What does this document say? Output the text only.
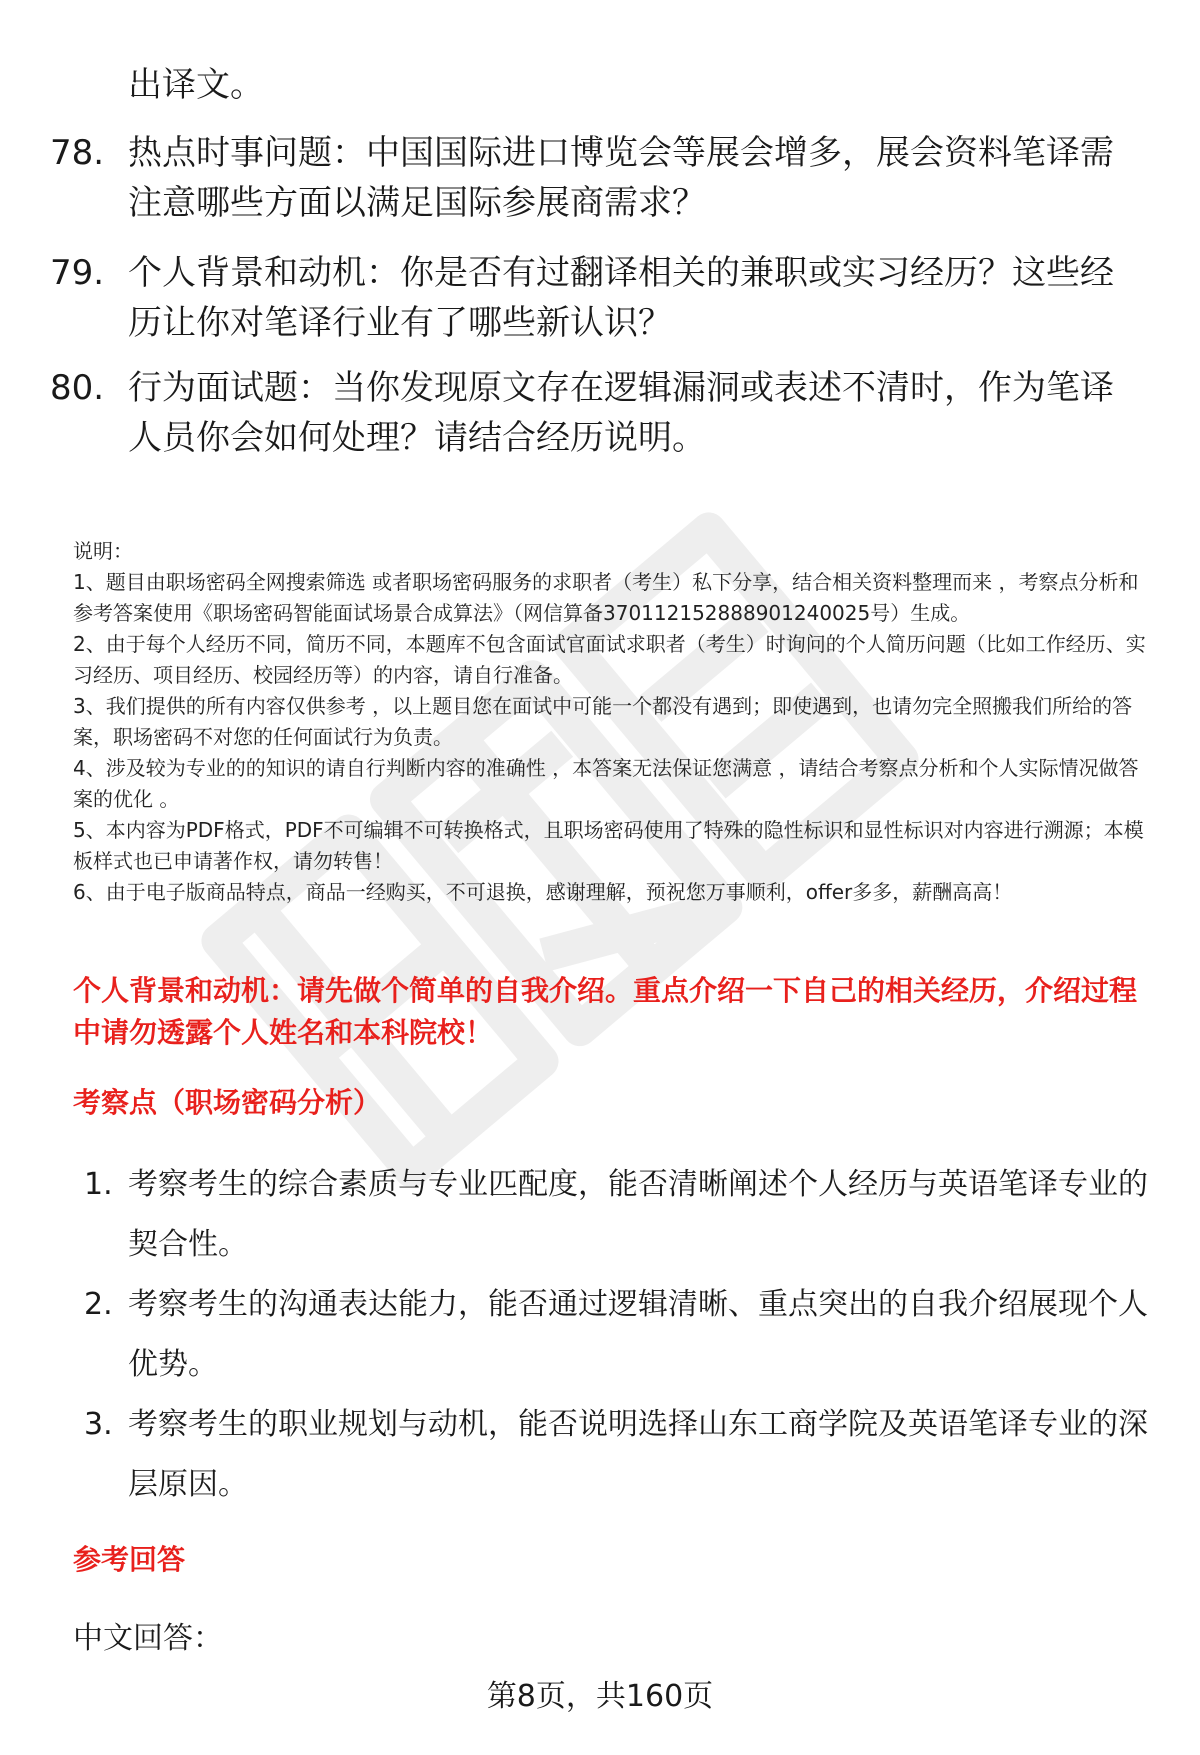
出译文。
78. 热点时事问题：中国国际进口博览会等展会增多，展会资料笔译需注意哪些方面以满足国际参展商需求？
79. 个人背景和动机：你是否有过翻译相关的兼职或实习经历？这些经历让你对笔译行业有了哪些新认识？
80. 行为面试题：当你发现原文存在逻辑漏洞或表述不清时，作为笔译人员你会如何处理？请结合经历说明。

说明：

1、题目由职场密码全网搜索筛选 或者职场密码服务的求职者（考生）私下分享，结合相关资料整理而来 ，考察点分析和参考答案使用《职场密码智能面试场景合成算法》（网信算备370112152888901240025号）生成。

2、由于每个人经历不同，简历不同，本题库不包含面试官面试求职者（考生）时询问的个人简历问题（比如工作经历、实习经历、项目经历、校园经历等）的内容，请自行准备。

3、我们提供的所有内容仅供参考 ，以上题目您在面试中可能一个都没有遇到；即使遇到，也请勿完全照搬我们所给的答案，职场密码不对您的任何面试行为负责。

4、涉及较为专业的的知识的请自行判断内容的准确性 ，本答案无法保证您满意 ，请结合考察点分析和个人实际情况做答案的优化 。

5、本内容为PDF格式，PDF不可编辑不可转换格式，且职场密码使用了特殊的隐性标识和显性标识对内容进行溯源；本模板样式也已申请著作权，请勿转售！

6、由于电子版商品特点，商品一经购买，不可退换，感谢理解，预祝您万事顺利，offer多多，薪酬高高！

个人背景和动机：请先做个简单的自我介绍。重点介绍一下自己的相关经历，介绍过程中请勿透露个人姓名和本科院校！
考察点（职场密码分析）
1. 考察考生的综合素质与专业匹配度，能否清晰阐述个人经历与英语笔译专业的契合性。
2. 考察考生的沟通表达能力，能否通过逻辑清晰、重点突出的自我介绍展现个人优势。
3. 考察考生的职业规划与动机，能否说明选择山东工商学院及英语笔译专业的深层原因。
参考回答
中文回答：
第8页，共160页
